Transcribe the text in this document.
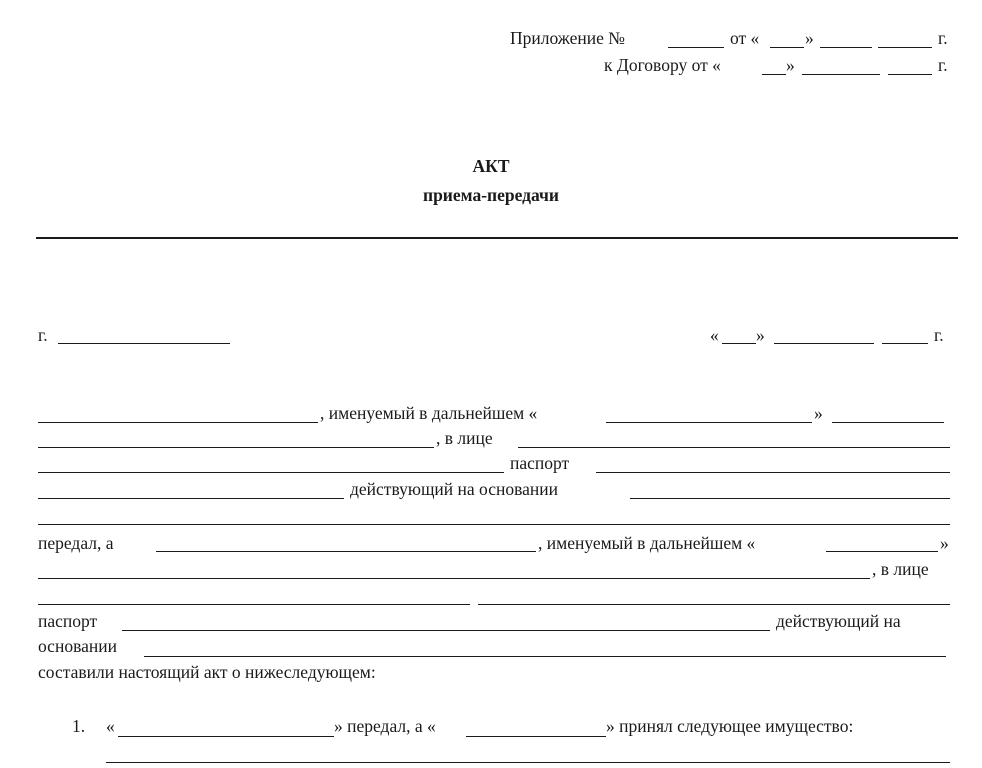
Приложение №	от «	»	г.
к Договору от «	»	г.
АКТ
приема-передачи
г.	« »	г.
, именуемый в дальнейшем «	»
, в лице
паспорт
действующий на основании
передал, а	, именуемый в дальнейшем «	»
, в лице
паспорт	действующий на
основании
составили настоящий акт о нижеследующем:
1. «	» передал, а «	» принял следующее имущество:
